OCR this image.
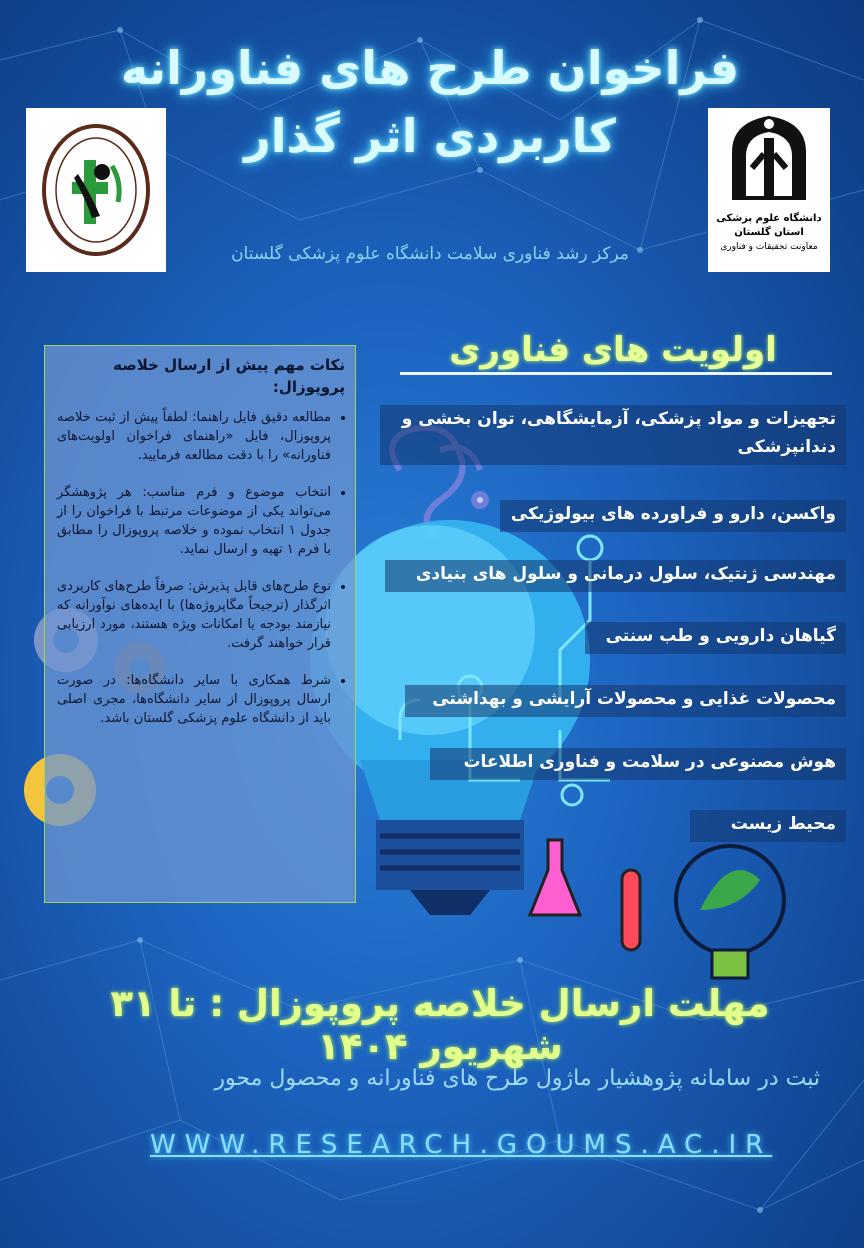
فراخوان طرح های فناورانه
کاربردی اثر گذار
مرکز رشد فناوری سلامت دانشگاه علوم پزشکی گلستان
دانشگاه علوم پزشکی
استان گلستان
معاونت تحقیقات و فناوری
اولویت های فناوری
تجهیزات و مواد پزشکی، آزمایشگاهی، توان بخشی و دندانپزشکی
واکسن، دارو و فراورده های بیولوژیکی
مهندسی ژنتیک، سلول درمانی و سلول های بنیادی
گیاهان دارویی و طب سنتی
محصولات غذایی و محصولات آرایشی و بهداشتی
هوش مصنوعی در سلامت و فناوری اطلاعات
محیط زیست
نکات مهم پیش از ارسال خلاصه پروپوزال:
• مطالعه دقیق فایل راهنما: لطفاً پیش از ثبت خلاصه پروپوزال، فایل «راهنمای فراخوان اولویت‌های فناورانه» را با دقت مطالعه فرمایید.
• انتخاب موضوع و فرم مناسب: هر پژوهشگر می‌تواند یکی از موضوعات مرتبط با فراخوان را از جدول ۱ انتخاب نموده و خلاصه پروپوزال را مطابق با فرم ۱ تهیه و ارسال نماید.
• نوع طرح‌های قابل پذیرش: صرفاً طرح‌های کاربردی اثرگذار (ترجیحاً مگاپروژه‌ها) با ایده‌های نوآورانه که نیازمند بودجه یا امکانات ویژه هستند، مورد ارزیابی قرار خواهند گرفت.
• شرط همکاری با سایر دانشگاه‌ها: در صورت ارسال پروپوزال از سایر دانشگاه‌ها، مجری اصلی باید از دانشگاه علوم پزشکی گلستان باشد.
مهلت ارسال خلاصه پروپوزال : تا ۳۱ شهریور ۱۴۰۴
ثبت در سامانه پژوهشیار ماژول طرح های فناورانه و محصول محور
WWW.RESEARCH.GOUMS.AC.IR
